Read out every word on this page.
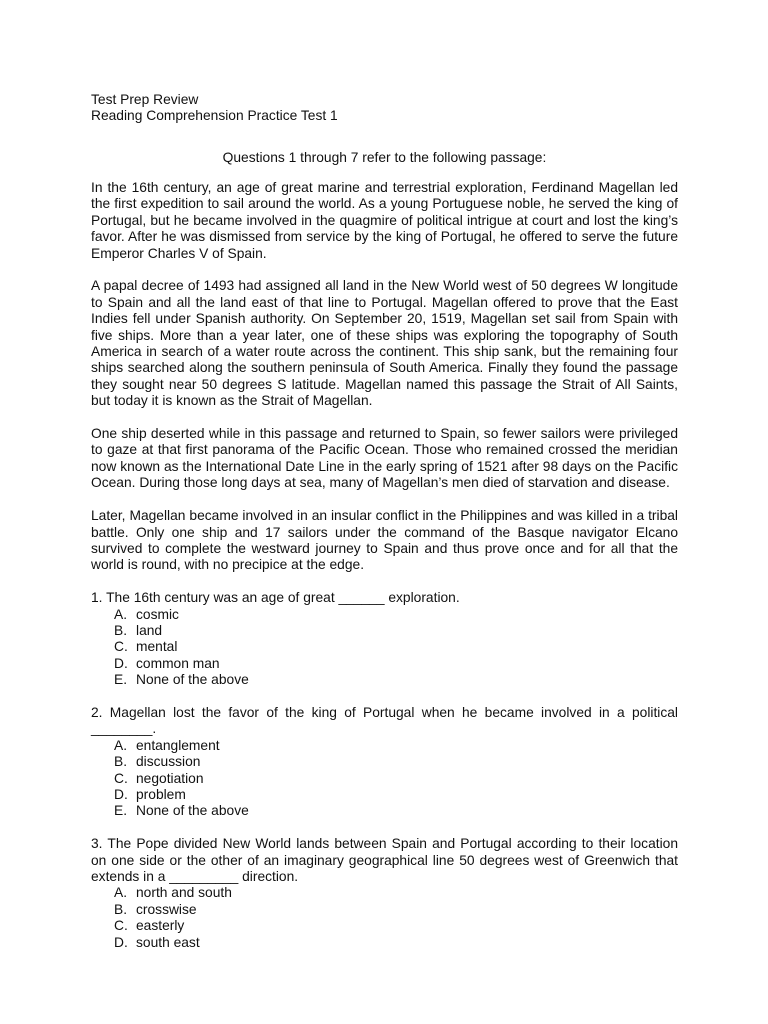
Test Prep Review

Reading Comprehension Practice Test 1

Questions 1 through 7 refer to the following passage:

In the 16th century, an age of great marine and terrestrial exploration, Ferdinand Magellan led the first expedition to sail around the world. As a young Portuguese noble, he served the king of Portugal, but he became involved in the quagmire of political intrigue at court and lost the king’s favor. After he was dismissed from service by the king of Portugal, he offered to serve the future Emperor Charles V of Spain.

A papal decree of 1493 had assigned all land in the New World west of 50 degrees W longitude to Spain and all the land east of that line to Portugal. Magellan offered to prove that the East Indies fell under Spanish authority. On September 20, 1519, Magellan set sail from Spain with five ships. More than a year later, one of these ships was exploring the topography of South America in search of a water route across the continent. This ship sank, but the remaining four ships searched along the southern peninsula of South America. Finally they found the passage they sought near 50 degrees S latitude. Magellan named this passage the Strait of All Saints, but today it is known as the Strait of Magellan.

One ship deserted while in this passage and returned to Spain, so fewer sailors were privileged to gaze at that first panorama of the Pacific Ocean. Those who remained crossed the meridian now known as the International Date Line in the early spring of 1521 after 98 days on the Pacific Ocean. During those long days at sea, many of Magellan’s men died of starvation and disease.

Later, Magellan became involved in an insular conflict in the Philippines and was killed in a tribal battle. Only one ship and 17 sailors under the command of the Basque navigator Elcano survived to complete the westward journey to Spain and thus prove once and for all that the world is round, with no precipice at the edge.

1. The 16th century was an age of great ______ exploration.

A. cosmic
B. land
C. mental
D. common man
E. None of the above

2. Magellan lost the favor of the king of Portugal when he became involved in a political ________.

A. entanglement
B. discussion
C. negotiation
D. problem
E. None of the above

3. The Pope divided New World lands between Spain and Portugal according to their location on one side or the other of an imaginary geographical line 50 degrees west of Greenwich that extends in a _________ direction.

A. north and south
B. crosswise
C. easterly
D. south east
